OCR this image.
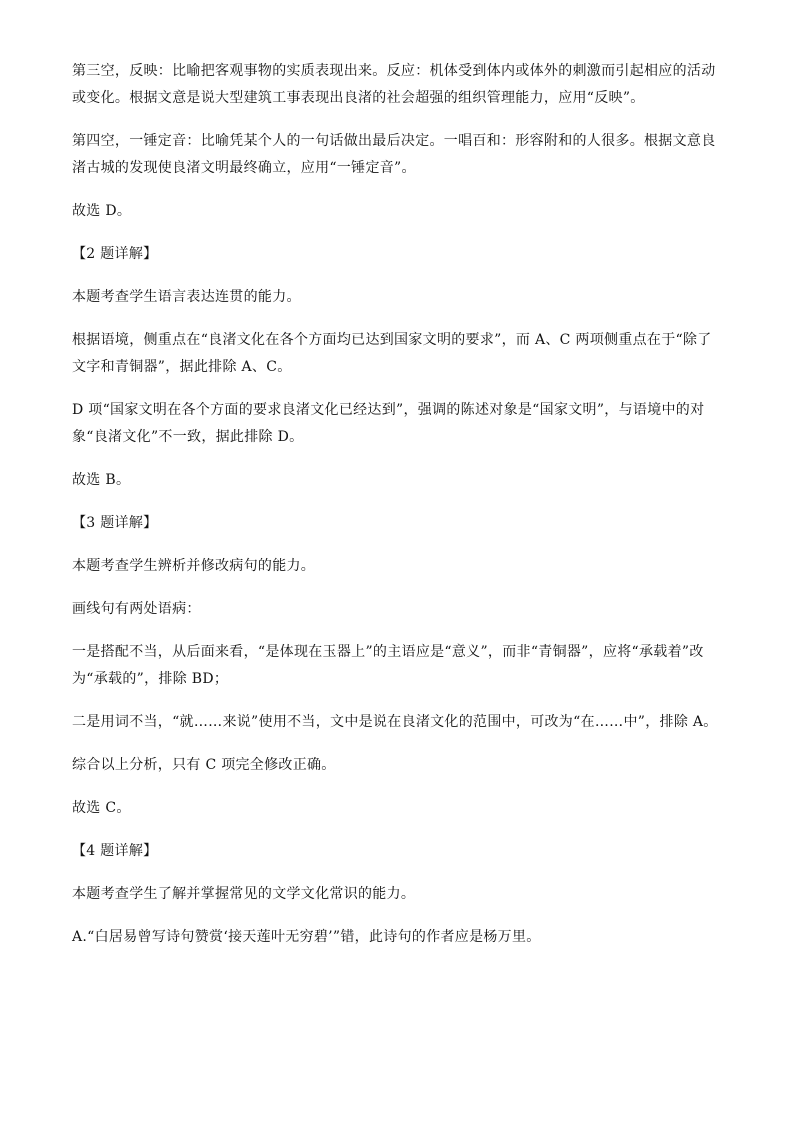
第三空，反映：比喻把客观事物的实质表现出来。反应：机体受到体内或体外的刺激而引起相应的活动或变化。根据文意是说大型建筑工事表现出良渚的社会超强的组织管理能力，应用“反映”。

第四空，一锤定音：比喻凭某个人的一句话做出最后决定。一唱百和：形容附和的人很多。根据文意良渚古城的发现使良渚文明最终确立，应用“一锤定音”。

故选 D。

【2 题详解】

本题考查学生语言表达连贯的能力。

根据语境，侧重点在“良渚文化在各个方面均已达到国家文明的要求”，而 A、C 两项侧重点在于“除了文字和青铜器”，据此排除 A、C。

D 项“国家文明在各个方面的要求良渚文化已经达到”，强调的陈述对象是“国家文明”，与语境中的对象“良渚文化”不一致，据此排除 D。

故选 B。

【3 题详解】

本题考查学生辨析并修改病句的能力。

画线句有两处语病：

一是搭配不当，从后面来看，“是体现在玉器上”的主语应是“意义”，而非“青铜器”，应将“承载着”改为“承载的”，排除 BD；

二是用词不当，“就……来说”使用不当，文中是说在良渚文化的范围中，可改为“在……中”，排除 A。

综合以上分析，只有 C 项完全修改正确。

故选 C。

【4 题详解】

本题考查学生了解并掌握常见的文学文化常识的能力。

A.“白居易曾写诗句赞赏‘接天莲叶无穷碧’”错，此诗句的作者应是杨万里。
